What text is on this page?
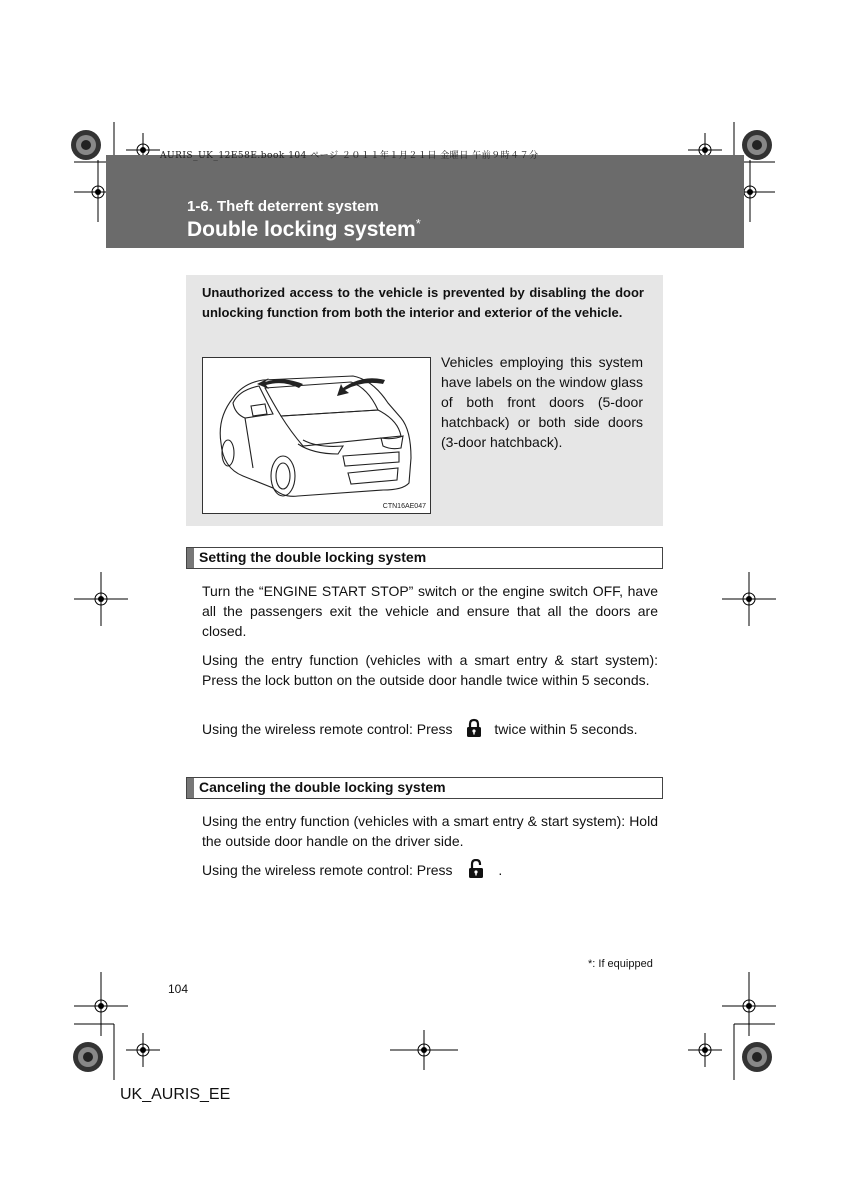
AURIS_UK_12E58E.book 104 ページ ２０１１年１月２１日 金曜日 午前９時４７分
1-6. Theft deterrent system
Double locking system*
Unauthorized access to the vehicle is prevented by disabling the door unlocking function from both the interior and exterior of the vehicle.
CTN16AE047
Vehicles employing this system have labels on the window glass of both front doors (5-door hatchback) or both side doors (3-door hatchback).
Setting the double locking system
Turn the “ENGINE START STOP” switch or the engine switch OFF, have all the passengers exit the vehicle and ensure that all the doors are closed.
Using the entry function (vehicles with a smart entry & start system): Press the lock button on the outside door handle twice within 5 seconds.
Using the wireless remote control: Press	twice within 5 seconds.
Canceling the double locking system
Using the entry function (vehicles with a smart entry & start system): Hold the outside door handle on the driver side.
Using the wireless remote control: Press	.
*: If equipped
104
UK_AURIS_EE
